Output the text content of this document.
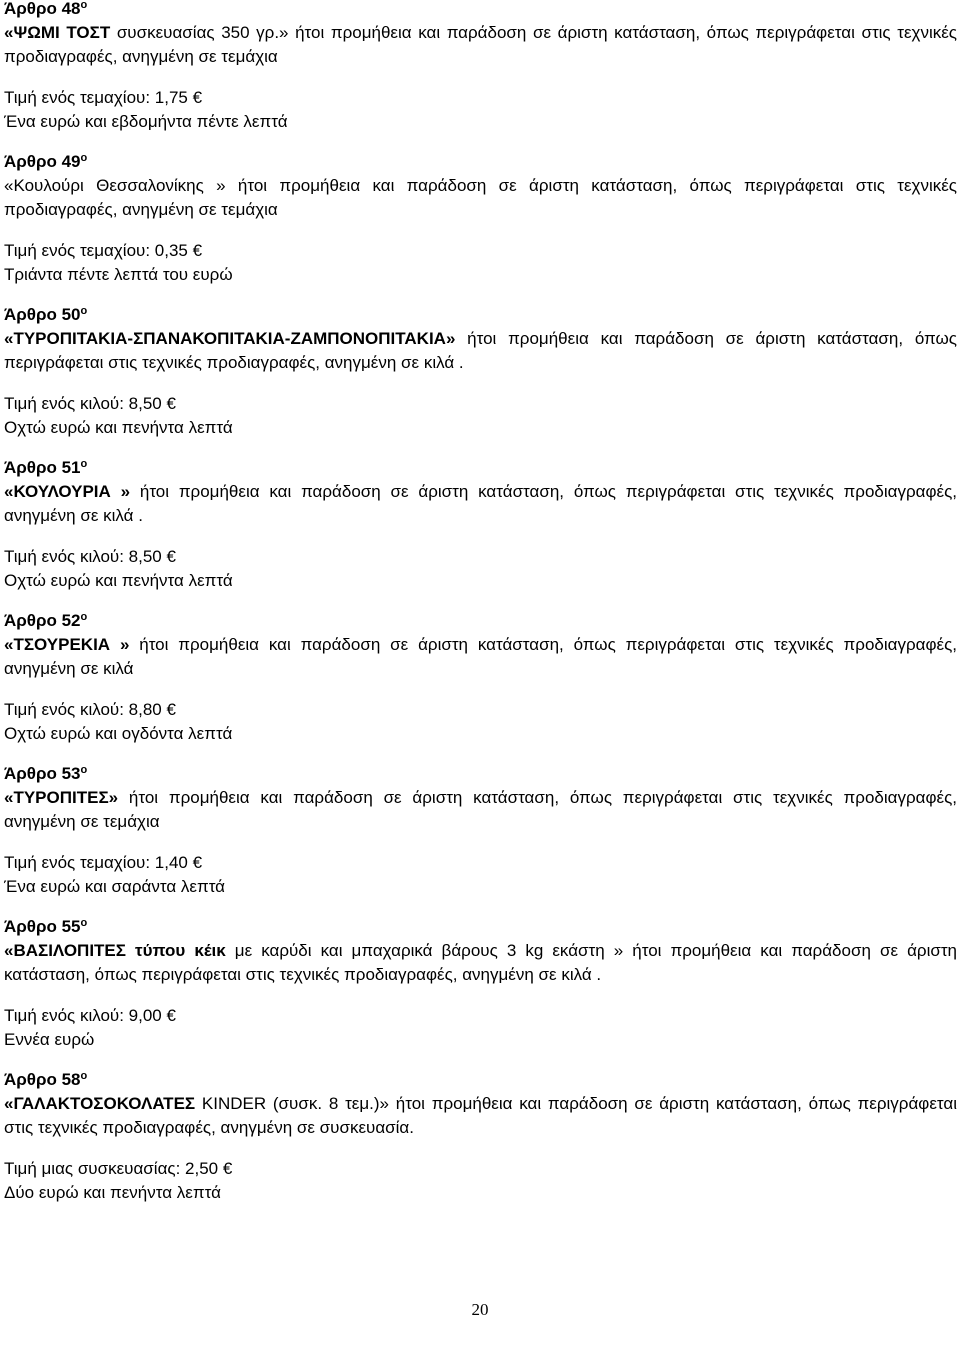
Άρθρο $48^o$

«ΨΩΜΙ ΤΟΣΤ συσκευασίας 350 γρ.» ήτοι προμήθεια και παράδοση σε άριστη κατάσταση, όπως περιγράφεται στις τεχνικές προδιαγραφές, ανηγμένη σε τεμάχια

Τιμή ενός τεμαχίου: 1,75 €

Ένα ευρώ και εβδομήντα πέντε λεπτά

Άρθρο $49^o$

«Κουλούρι Θεσσαλονίκης » ήτοι προμήθεια και παράδοση σε άριστη κατάσταση, όπως περιγράφεται στις τεχνικές προδιαγραφές, ανηγμένη σε τεμάχια

Τιμή ενός τεμαχίου: 0,35 €

Τριάντα πέντε λεπτά του ευρώ

Άρθρο $50^o$

«ΤΥΡΟΠΙΤΑΚΙΑ-ΣΠΑΝΑΚΟΠΙΤΑΚΙΑ-ΖΑΜΠΟΝΟΠΙΤΑΚΙΑ» ήτοι προμήθεια και παράδοση σε άριστη κατάσταση, όπως περιγράφεται στις τεχνικές προδιαγραφές, ανηγμένη σε κιλά .

Τιμή ενός κιλού: 8,50 €

Οχτώ ευρώ και πενήντα λεπτά

Άρθρο $51^o$

«ΚΟΥΛΟΥΡΙΑ » ήτοι προμήθεια και παράδοση σε άριστη κατάσταση, όπως περιγράφεται στις τεχνικές προδιαγραφές, ανηγμένη σε κιλά .

Τιμή ενός κιλού: 8,50 €

Οχτώ ευρώ και πενήντα λεπτά

Άρθρο $52^o$

«ΤΣΟΥΡΕΚΙΑ » ήτοι προμήθεια και παράδοση σε άριστη κατάσταση, όπως περιγράφεται στις τεχνικές προδιαγραφές, ανηγμένη σε κιλά

Τιμή ενός κιλού: 8,80 €

Οχτώ ευρώ και ογδόντα λεπτά

Άρθρο $53^o$

«ΤΥΡΟΠΙΤΕΣ» ήτοι προμήθεια και παράδοση σε άριστη κατάσταση, όπως περιγράφεται στις τεχνικές προδιαγραφές, ανηγμένη σε τεμάχια

Τιμή ενός τεμαχίου: 1,40 €

Ένα ευρώ και σαράντα λεπτά

Άρθρο $55^o$

«ΒΑΣΙΛΟΠΙΤΕΣ τύπου κέικ με καρύδι και μπαχαρικά βάρους 3 kg εκάστη » ήτοι προμήθεια και παράδοση σε άριστη κατάσταση, όπως περιγράφεται στις τεχνικές προδιαγραφές, ανηγμένη σε κιλά .

Τιμή ενός κιλού: 9,00 €

Εννέα ευρώ

Άρθρο $58^o$

«ΓΑΛΑΚΤΟΣΟΚΟΛΑΤΕΣ KINDER (συσκ. 8 τεμ.)» ήτοι προμήθεια και παράδοση σε άριστη κατάσταση, όπως περιγράφεται στις τεχνικές προδιαγραφές, ανηγμένη σε συσκευασία.

Τιμή μιας συσκευασίας: 2,50 €

Δύο ευρώ και πενήντα λεπτά

20
